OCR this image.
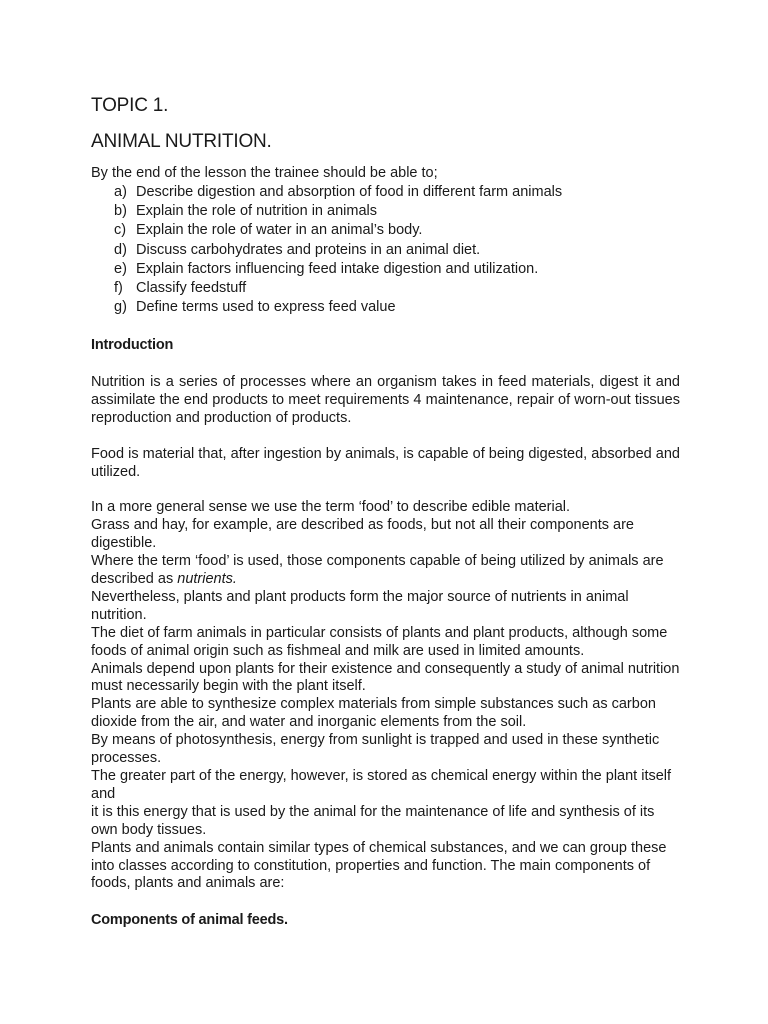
TOPIC 1.
ANIMAL NUTRITION.
By the end of the lesson the trainee should be able to;
a) Describe digestion and absorption of food in different farm animals
b) Explain the role of nutrition in animals
c) Explain the role of water in an animal’s body.
d) Discuss carbohydrates and proteins in an animal diet.
e) Explain factors influencing feed intake digestion and utilization.
f) Classify feedstuff
g) Define terms used to express feed value
Introduction

Nutrition is a series of processes where an organism takes in feed materials, digest it and assimilate the end products to meet requirements 4 maintenance, repair of worn-out tissues reproduction and production of products.

Food is material that, after ingestion by animals, is capable of being digested, absorbed and utilized.

In a more general sense we use the term ‘food’ to describe edible material.
Grass and hay, for example, are described as foods, but not all their components are digestible.
Where the term ‘food’ is used, those components capable of being utilized by animals are described as nutrients.
Nevertheless, plants and plant products form the major source of nutrients in animal nutrition.
The diet of farm animals in particular consists of plants and plant products, although some foods of animal origin such as fishmeal and milk are used in limited amounts.
Animals depend upon plants for their existence and consequently a study of animal nutrition must necessarily begin with the plant itself.
Plants are able to synthesize complex materials from simple substances such as carbon dioxide from the air, and water and inorganic elements from the soil.
By means of photosynthesis, energy from sunlight is trapped and used in these synthetic processes.
The greater part of the energy, however, is stored as chemical energy within the plant itself and
it is this energy that is used by the animal for the maintenance of life and synthesis of its own body tissues.
Plants and animals contain similar types of chemical substances, and we can group these into classes according to constitution, properties and function. The main components of foods, plants and animals are:
Components of animal feeds.
